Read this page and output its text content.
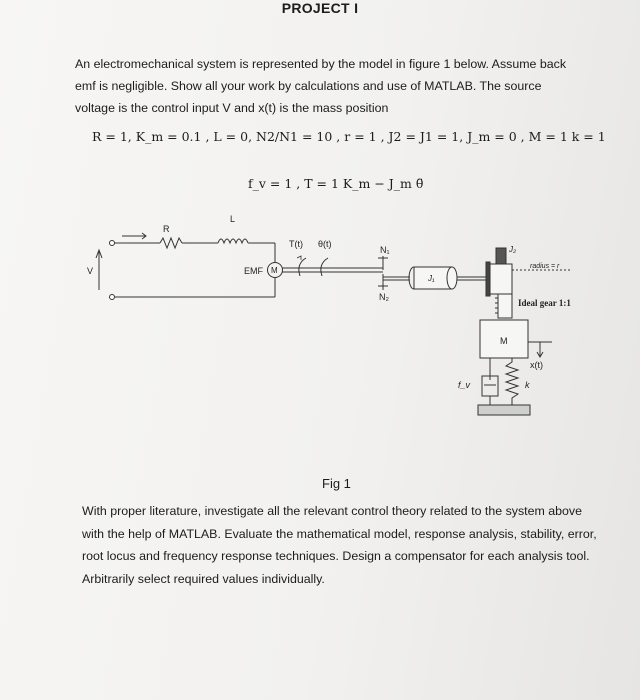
PROJECT I
An electromechanical system is represented by the model in figure 1 below. Assume back emf is negligible. Show all your work by calculations and use of MATLAB. The source voltage is the control input V and x(t) is the mass position
R = 1, K_m = 0.1 , L = 0, N2/N1 = 10 , r = 1 , J2 = J1 = 1, J_m = 0 , M = 1 k = 1
f_v = 1 , T = 1 K_m − J_m θ̈
R
L
V	EMF M
T(t) θ(t)
N₁
N₂
J₁
J₂
radius = r
Ideal gear 1:1
M
x(t)
k
f_v
Fig 1
With proper literature, investigate all the relevant control theory related to the system above with the help of MATLAB. Evaluate the mathematical model, response analysis, stability, error, root locus and frequency response techniques. Design a compensator for each analysis tool. Arbitrarily select required values individually.
